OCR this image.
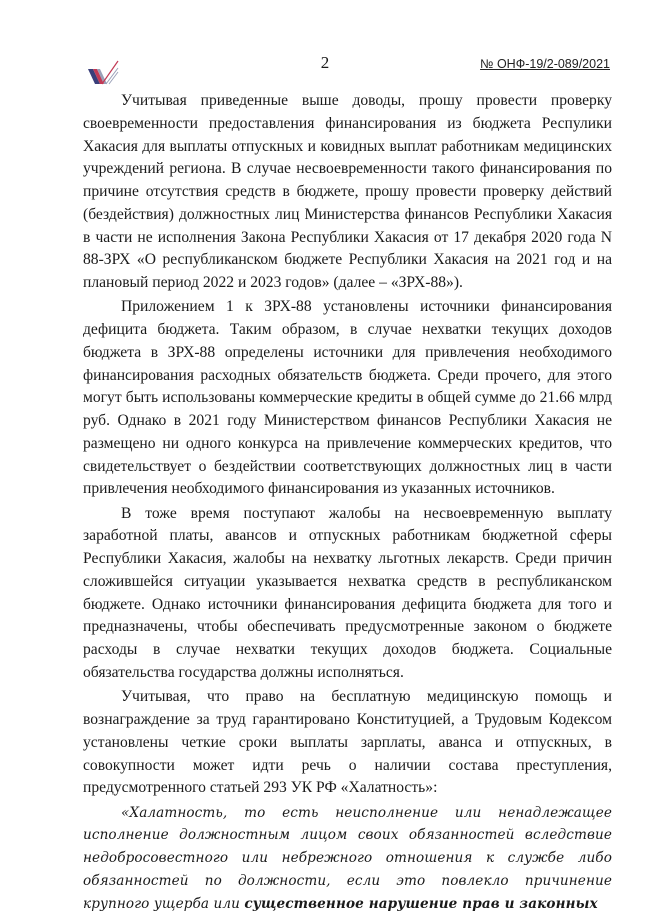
2	№ ОНФ-19/2-089/2021

Учитывая приведенные выше доводы, прошу провести проверку своевременности предоставления финансирования из бюджета Респулики Хакасия для выплаты отпускных и ковидных выплат работникам медицинских учреждений региона. В случае несвоевременности такого финансирования по причине отсутствия средств в бюджете, прошу провести проверку действий (бездействия) должностных лиц Министерства финансов Республики Хакасия в части не исполнения Закона Республики Хакасия от 17 декабря 2020 года N 88-ЗРХ «О республиканском бюджете Республики Хакасия на 2021 год и на плановый период 2022 и 2023 годов» (далее – «ЗРХ-88»).

Приложением 1 к ЗРХ-88 установлены источники финансирования дефицита бюджета. Таким образом, в случае нехватки текущих доходов бюджета в ЗРХ-88 определены источники для привлечения необходимого финансирования расходных обязательств бюджета. Среди прочего, для этого могут быть использованы коммерческие кредиты в общей сумме до 21.66 млрд руб. Однако в 2021 году Министерством финансов Республики Хакасия не размещено ни одного конкурса на привлечение коммерческих кредитов, что свидетельствует о бездействии соответствующих должностных лиц в части привлечения необходимого финансирования из указанных источников.

В тоже время поступают жалобы на несвоевременную выплату заработной платы, авансов и отпускных работникам бюджетной сферы Республики Хакасия, жалобы на нехватку льготных лекарств. Среди причин сложившейся ситуации указывается нехватка средств в республиканском бюджете. Однако источники финансирования дефицита бюджета для того и предназначены, чтобы обеспечивать предусмотренные законом о бюджете расходы в случае нехватки текущих доходов бюджета. Социальные обязательства государства должны исполняться.

Учитывая, что право на бесплатную медицинскую помощь и вознаграждение за труд гарантировано Конституцией, а Трудовым Кодексом установлены четкие сроки выплаты зарплаты, аванса и отпускных, в совокупности может идти речь о наличии состава преступления, предусмотренного статьей 293 УК РФ «Халатность»:

«Халатность, то есть неисполнение или ненадлежащее исполнение должностным лицом своих обязанностей вследствие недобросовестного или небрежного отношения к службе либо обязанностей по должности, если это повлекло причинение крупного ущерба или существенное нарушение прав и законных
